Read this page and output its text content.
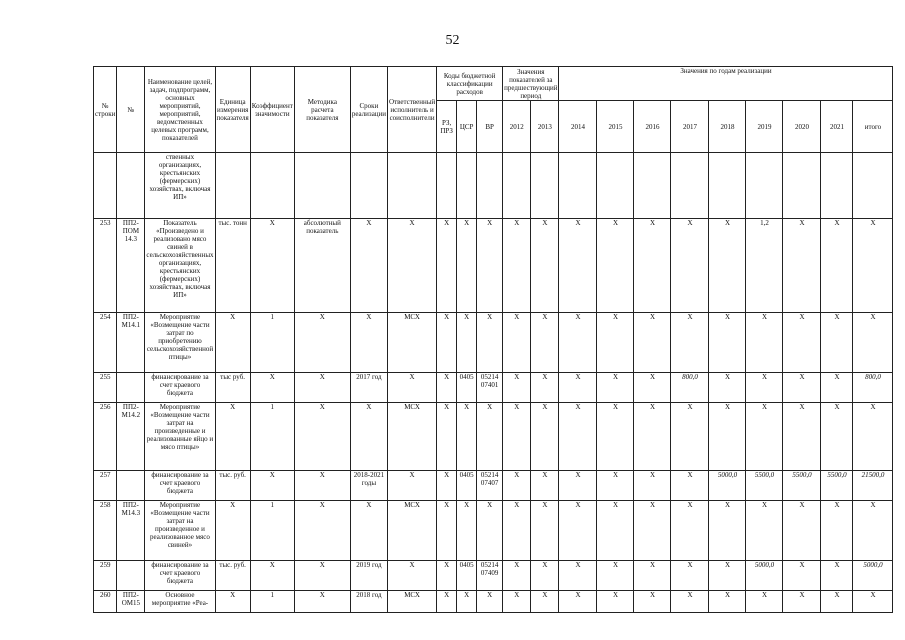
52
№ строки	№	Наименование целей, задач, подпрограмм, основных мероприятий, мероприятий, ведомственных целевых программ, показателей	Единица измерения показателя	Коэффициент значимости	Методика расчета показателя	Сроки реализации	Ответственный исполнитель и соисполнители	Коды бюджетной классификации расходов			Значения показателей за предшествующий период		Значения по годам реализации								
								РЗ, ПРЗ	ЦСР	ВР	2012	2013	2014	2015	2016	2017	2018	2019	2020	2021	итого
		ственных организациях, крестьянских (фермерских) хозяйствах, включая ИП»																			
253	ПП2-ПОМ 14.3	Показатель «Произведено и реализовано мясо свиней в сельскохозяйственных организациях, крестьянских (фермерских) хозяйствах, включая ИП»	тыс. тонн	X	абсолютный показатель	X	X	X	X	X	X	X	X	X	X	X	X	1,2	X	X	X
254	ПП2-М14.1	Мероприятие «Возмещение части затрат по приобретению сельскохозяйственной птицы»	X	1	X	X	МСХ	X	X	X	X	X	X	X	X	X	X	X	X	X	X
255		финансирование за счет краевого бюджета	тыс руб.	X	X	2017 год	X	X	0405	05214 07401	X	X	X	X	X	800,0	X	X	X	X	800,0
256	ПП2-М14.2	Мероприятие «Возмещение части затрат на произведенные и реализованные яйцо и мясо птицы»	X	1	X	X	МСХ	X	X	X	X	X	X	X	X	X	X	X	X	X	X
257		финансирование за счет краевого бюджета	тыс. руб.	X	X	2018-2021 годы	X	X	0405	05214 07407	X	X	X	X	X	X	5000,0	5500,0	5500,0	5500,0	21500,0
258	ПП2-М14.3	Мероприятие «Возмещение части затрат на произведенное и реализованное мясо свиней»	X	1	X	X	МСХ	X	X	X	X	X	X	X	X	X	X	X	X	X	X
259		финансирование за счет краевого бюджета	тыс. руб.	X	X	2019 год	X	X	0405	05214 07409	X	X	X	X	X	X	X	5000,0	X	X	5000,0
260	ПП2-ОМ15	Основное мероприятие «Реа-	X	1	X	2018 год	МСХ	X	X	X	X	X	X	X	X	X	X	X	X	X	X
